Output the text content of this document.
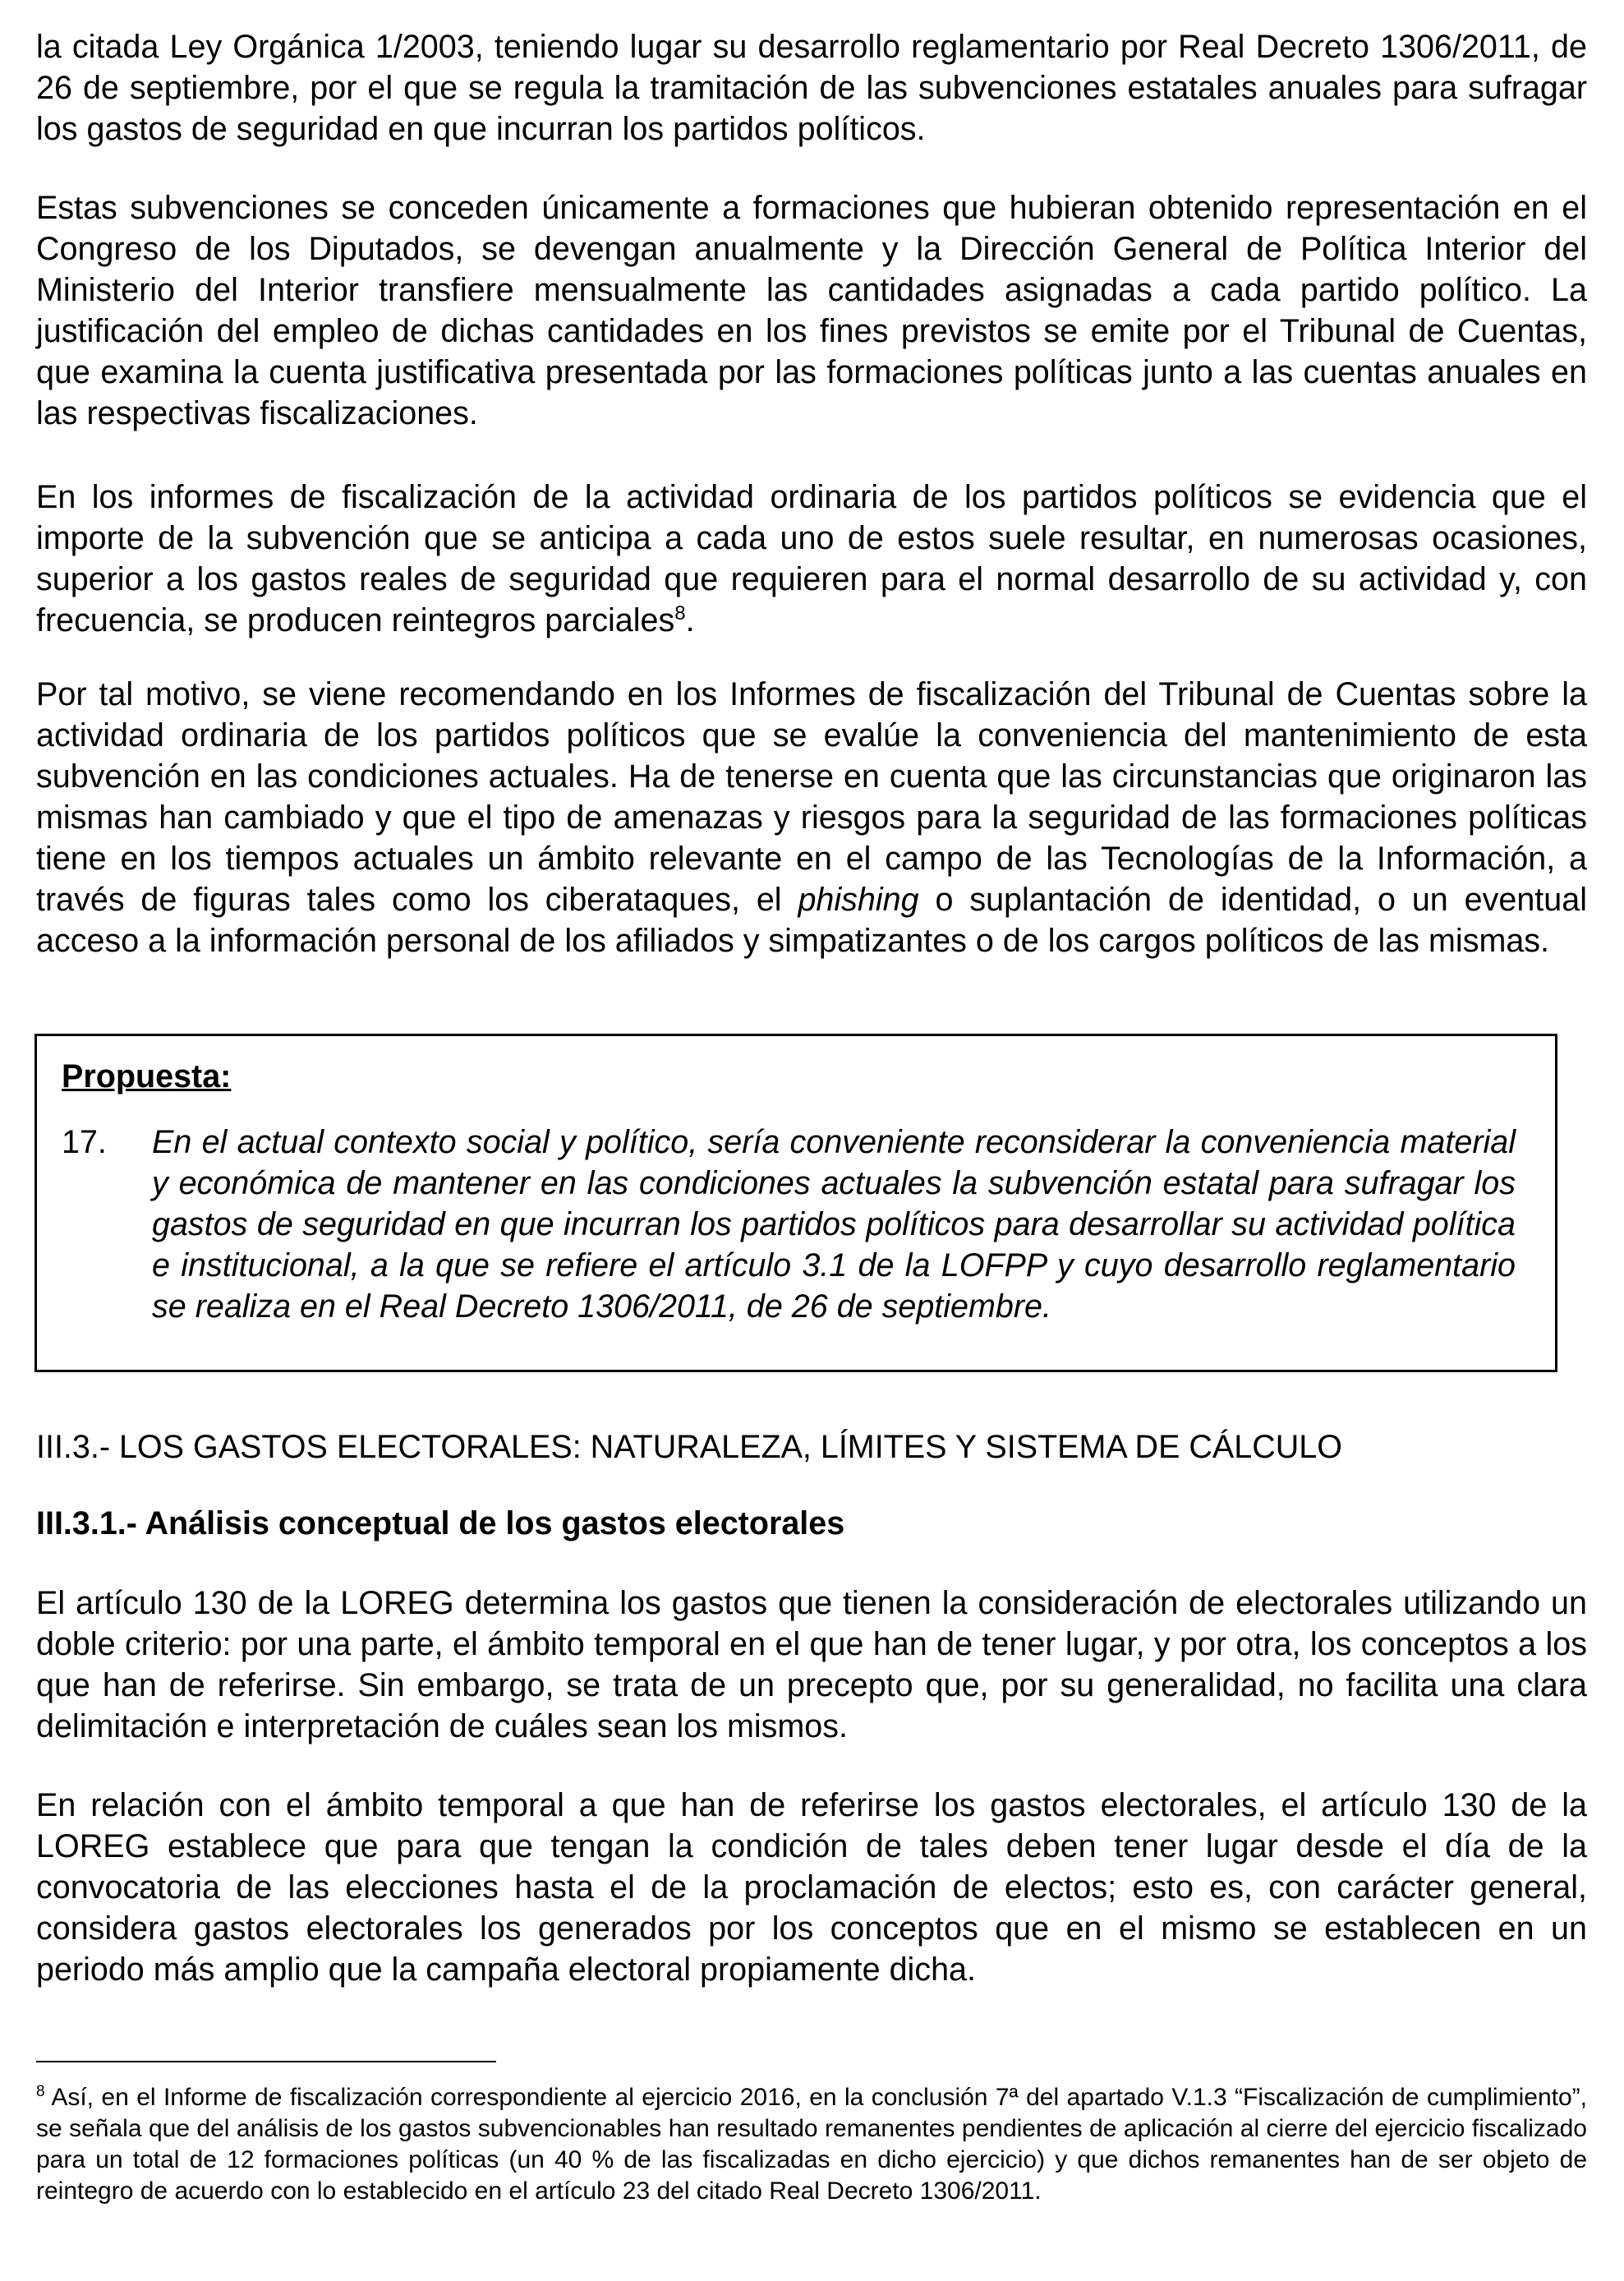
la citada Ley Orgánica 1/2003, teniendo lugar su desarrollo reglamentario por Real Decreto 1306/2011, de 26 de septiembre, por el que se regula la tramitación de las subvenciones estatales anuales para sufragar los gastos de seguridad en que incurran los partidos políticos.

Estas subvenciones se conceden únicamente a formaciones que hubieran obtenido representación en el Congreso de los Diputados, se devengan anualmente y la Dirección General de Política Interior del Ministerio del Interior transfiere mensualmente las cantidades asignadas a cada partido político. La justificación del empleo de dichas cantidades en los fines previstos se emite por el Tribunal de Cuentas, que examina la cuenta justificativa presentada por las formaciones políticas junto a las cuentas anuales en las respectivas fiscalizaciones.

En los informes de fiscalización de la actividad ordinaria de los partidos políticos se evidencia que el importe de la subvención que se anticipa a cada uno de estos suele resultar, en numerosas ocasiones, superior a los gastos reales de seguridad que requieren para el normal desarrollo de su actividad y, con frecuencia, se producen reintegros parciales$^8$.

Por tal motivo, se viene recomendando en los Informes de fiscalización del Tribunal de Cuentas sobre la actividad ordinaria de los partidos políticos que se evalúe la conveniencia del mantenimiento de esta subvención en las condiciones actuales. Ha de tenerse en cuenta que las circunstancias que originaron las mismas han cambiado y que el tipo de amenazas y riesgos para la seguridad de las formaciones políticas tiene en los tiempos actuales un ámbito relevante en el campo de las Tecnologías de la Información, a través de figuras tales como los ciberataques, el phishing o suplantación de identidad, o un eventual acceso a la información personal de los afiliados y simpatizantes o de los cargos políticos de las mismas.

Propuesta:

17.	En el actual contexto social y político, sería conveniente reconsiderar la conveniencia material y económica de mantener en las condiciones actuales la subvención estatal para sufragar los gastos de seguridad en que incurran los partidos políticos para desarrollar su actividad política e institucional, a la que se refiere el artículo 3.1 de la LOFPP y cuyo desarrollo reglamentario se realiza en el Real Decreto 1306/2011, de 26 de septiembre.

III.3.- LOS GASTOS ELECTORALES: NATURALEZA, LÍMITES Y SISTEMA DE CÁLCULO
III.3.1.- Análisis conceptual de los gastos electorales

El artículo 130 de la LOREG determina los gastos que tienen la consideración de electorales utilizando un doble criterio: por una parte, el ámbito temporal en el que han de tener lugar, y por otra, los conceptos a los que han de referirse. Sin embargo, se trata de un precepto que, por su generalidad, no facilita una clara delimitación e interpretación de cuáles sean los mismos.

En relación con el ámbito temporal a que han de referirse los gastos electorales, el artículo 130 de la LOREG establece que para que tengan la condición de tales deben tener lugar desde el día de la convocatoria de las elecciones hasta el de la proclamación de electos; esto es, con carácter general, considera gastos electorales los generados por los conceptos que en el mismo se establecen en un periodo más amplio que la campaña electoral propiamente dicha.

$^8$ Así, en el Informe de fiscalización correspondiente al ejercicio 2016, en la conclusión 7ª del apartado V.1.3 “Fiscalización de cumplimiento”, se señala que del análisis de los gastos subvencionables han resultado remanentes pendientes de aplicación al cierre del ejercicio fiscalizado para un total de 12 formaciones políticas (un 40 % de las fiscalizadas en dicho ejercicio) y que dichos remanentes han de ser objeto de reintegro de acuerdo con lo establecido en el artículo 23 del citado Real Decreto 1306/2011.
